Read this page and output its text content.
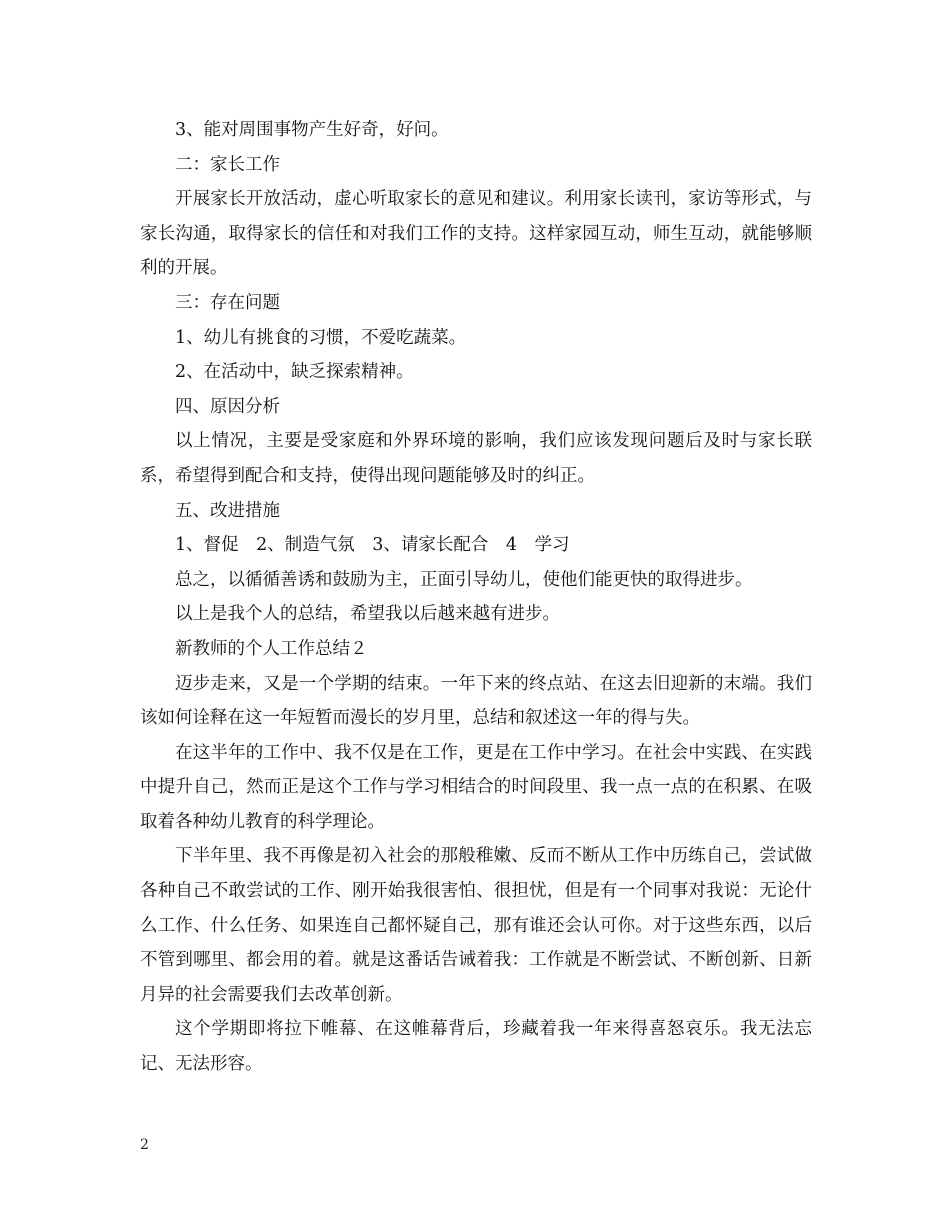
3、能对周围事物产生好奇，好问。

二：家长工作

开展家长开放活动，虚心听取家长的意见和建议。利用家长读刊，家访等形式，与家长沟通，取得家长的信任和对我们工作的支持。这样家园互动，师生互动，就能够顺利的开展。

三：存在问题

1、幼儿有挑食的习惯，不爱吃蔬菜。

2、在活动中，缺乏探索精神。

四、原因分析

以上情况，主要是受家庭和外界环境的影响，我们应该发现问题后及时与家长联系，希望得到配合和支持，使得出现问题能够及时的纠正。

五、改进措施

1、督促　2、制造气氛　3、请家长配合　4　学习

总之，以循循善诱和鼓励为主，正面引导幼儿，使他们能更快的取得进步。

以上是我个人的总结，希望我以后越来越有进步。

新教师的个人工作总结２

迈步走来，又是一个学期的结束。一年下来的终点站、在这去旧迎新的末端。我们该如何诠释在这一年短暂而漫长的岁月里，总结和叙述这一年的得与失。

在这半年的工作中、我不仅是在工作，更是在工作中学习。在社会中实践、在实践中提升自己，然而正是这个工作与学习相结合的时间段里、我一点一点的在积累、在吸取着各种幼儿教育的科学理论。

下半年里、我不再像是初入社会的那般稚嫩、反而不断从工作中历练自己，尝试做各种自己不敢尝试的工作、刚开始我很害怕、很担忧，但是有一个同事对我说：无论什么工作、什么任务、如果连自己都怀疑自己，那有谁还会认可你。对于这些东西，以后不管到哪里、都会用的着。就是这番话告诫着我：工作就是不断尝试、不断创新、日新月异的社会需要我们去改革创新。

这个学期即将拉下帷幕、在这帷幕背后，珍藏着我一年来得喜怒哀乐。我无法忘记、无法形容。

2
